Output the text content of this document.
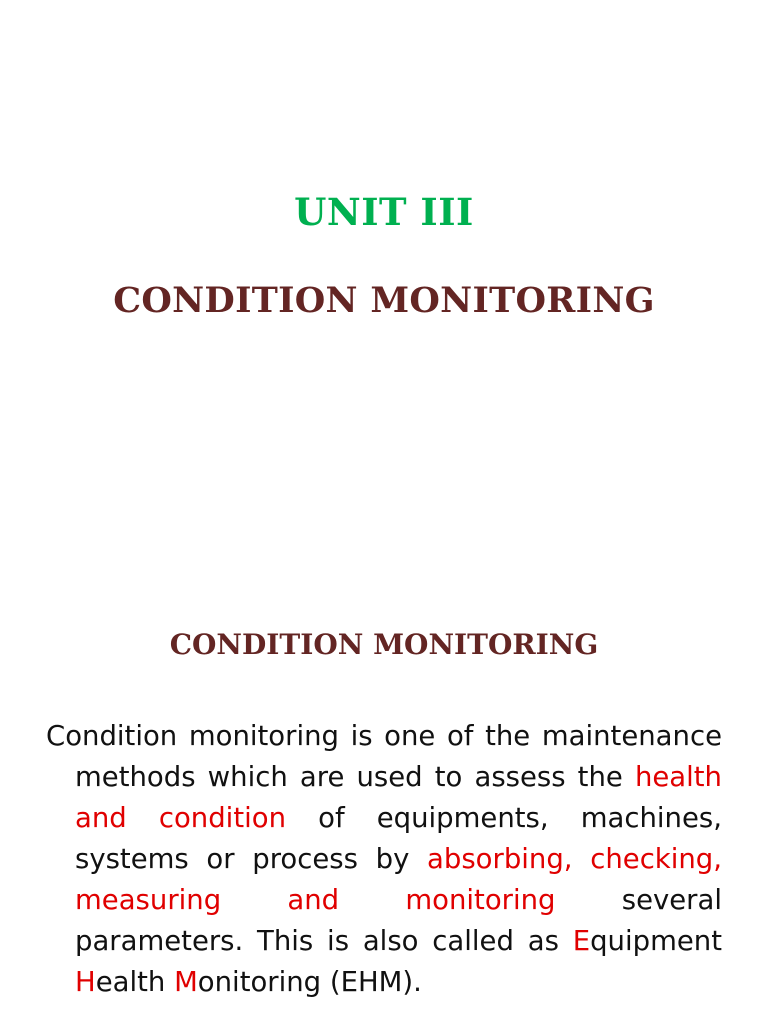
UNIT III
CONDITION MONITORING
CONDITION MONITORING
Condition monitoring is one of the maintenance methods which are used to assess the health and condition of equipments, machines, systems or process by absorbing, checking, measuring and monitoring several parameters. This is also called as Equipment Health Monitoring (EHM).
